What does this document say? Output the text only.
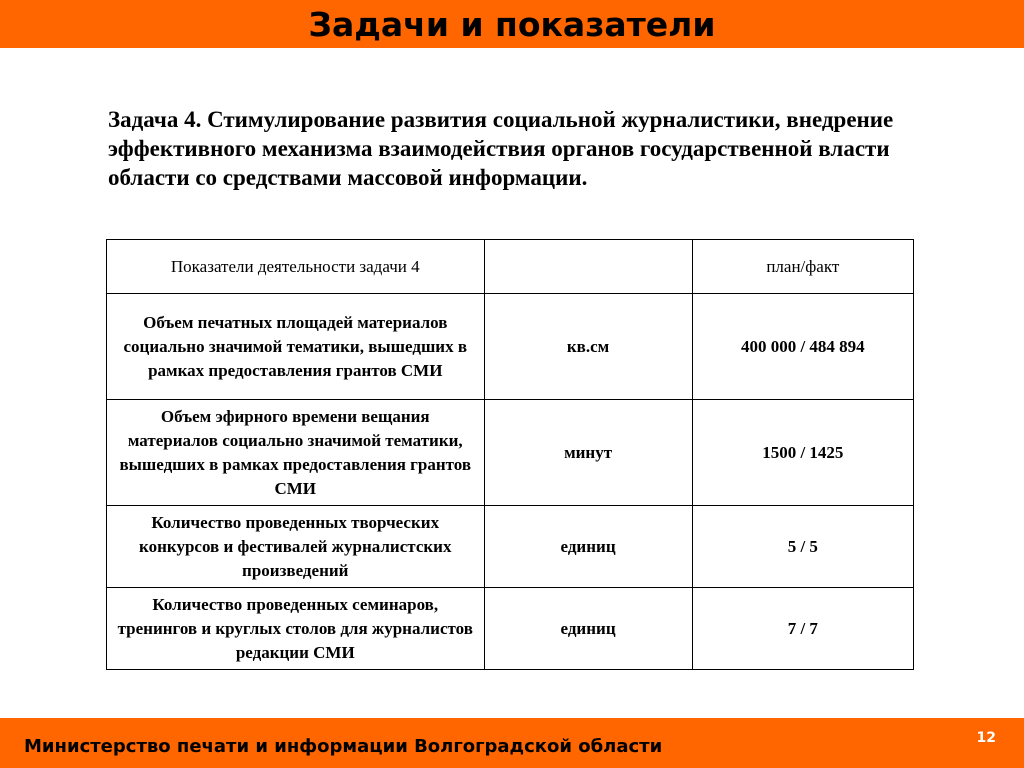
Задачи и показатели

Задача 4. Стимулирование развития социальной журналистики, внедрение эффективного механизма взаимодействия органов государственной власти области со средствами массовой информации.

Показатели деятельности задачи 4		план/факт
Объем печатных площадей материалов социально значимой тематики, вышедших в рамках предоставления грантов СМИ	кв.см	400 000 / 484 894
Объем эфирного времени вещания материалов социально значимой тематики, вышедших в рамках предоставления грантов СМИ	минут	1500 / 1425
Количество проведенных творческих конкурсов и фестивалей журналистских произведений	единиц	5 / 5
Количество проведенных семинаров, тренингов и круглых столов для журналистов редакции СМИ	единиц	7 / 7
Министерство печати и информации Волгоградской области	12
